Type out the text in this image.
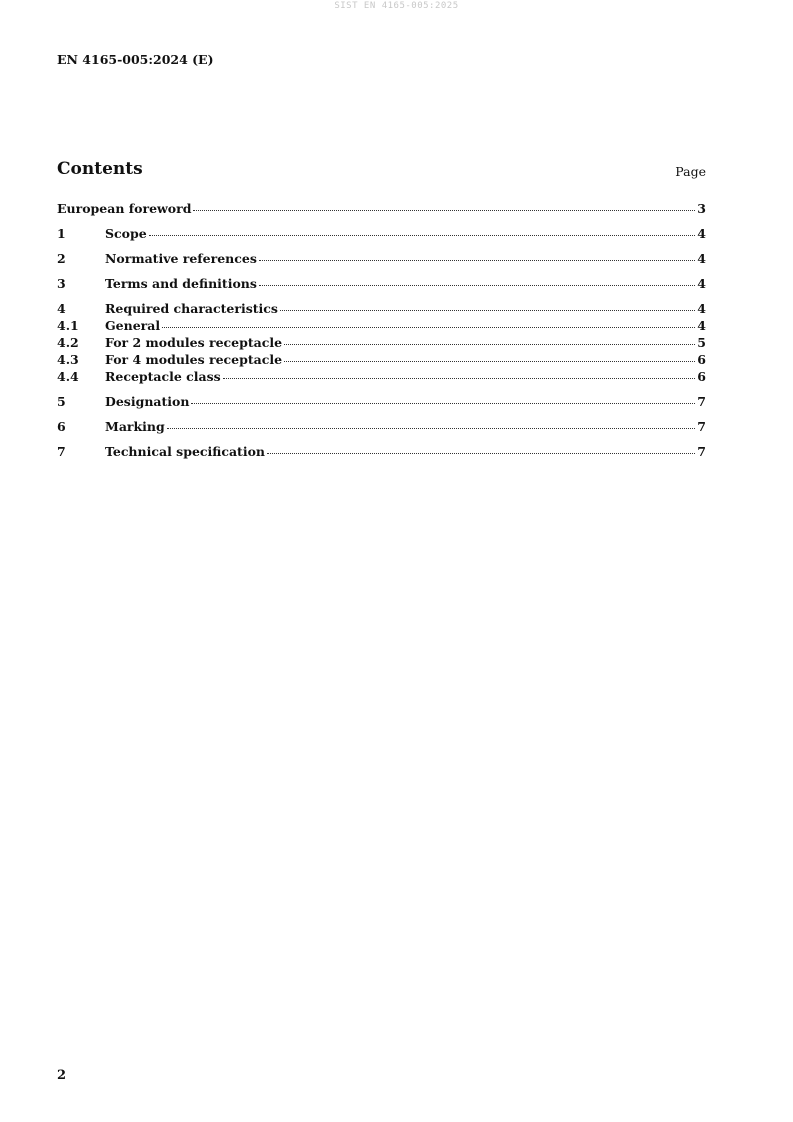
SIST EN 4165-005:2025
EN 4165-005:2024 (E)
Contents	Page
European foreword	3
1	Scope	4
2	Normative references	4
3	Terms and definitions	4
4	Required characteristics	4
4.1	General	4
4.2	For 2 modules receptacle	5
4.3	For 4 modules receptacle	6
4.4	Receptacle class	6
5	Designation	7
6	Marking	7
7	Technical specification	7
2
